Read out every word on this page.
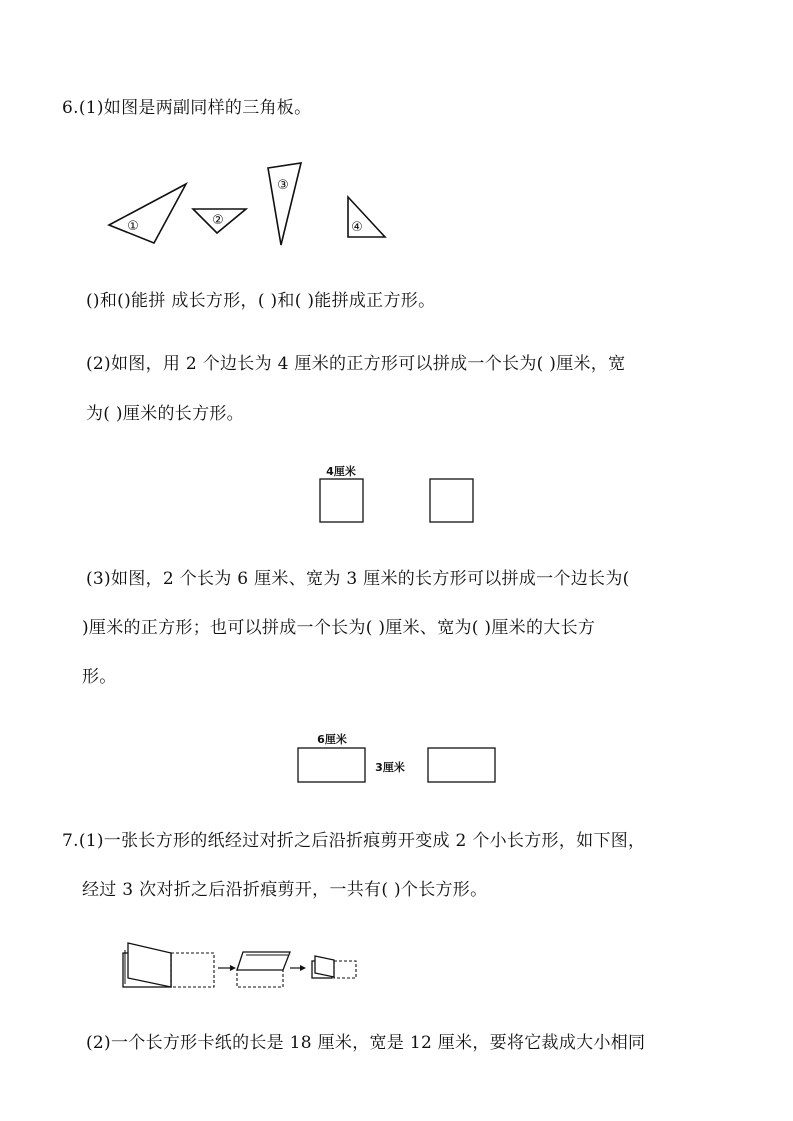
6.(1)如图是两副同样的三角板。
①	②
③
④
()和()能拼 成长方形，( )和( )能拼成正方形。
(2)如图，用 2 个边长为 4 厘米的正方形可以拼成一个长为( )厘米，宽
为( )厘米的长方形。
4厘米
(3)如图，2 个长为 6 厘米、宽为 3 厘米的长方形可以拼成一个边长为(
)厘米的正方形；也可以拼成一个长为( )厘米、宽为( )厘米的大长方
形。
6厘米
3厘米
7.(1)一张长方形的纸经过对折之后沿折痕剪开变成 2 个小长方形，如下图，
经过 3 次对折之后沿折痕剪开，一共有( )个长方形。
(2)一个长方形卡纸的长是 18 厘米，宽是 12 厘米，要将它裁成大小相同
